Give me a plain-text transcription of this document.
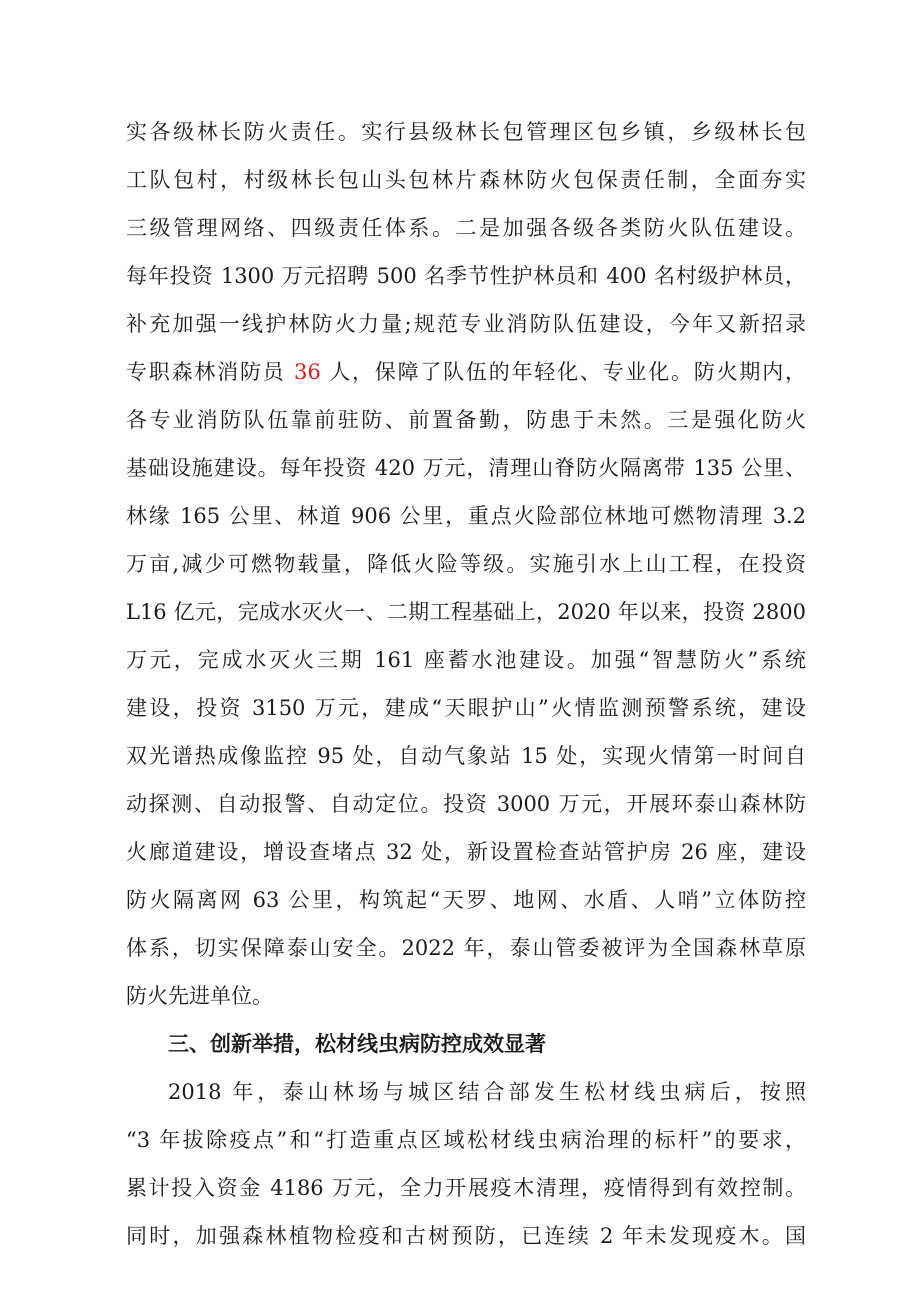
实各级林长防火责任。实行县级林长包管理区包乡镇，乡级林长包
工队包村，村级林长包山头包林片森林防火包保责任制，全面夯实
三级管理网络、四级责任体系。二是加强各级各类防火队伍建设。
每年投资 1300 万元招聘 500 名季节性护林员和 400 名村级护林员，
补充加强一线护林防火力量;规范专业消防队伍建设，今年又新招录
专职森林消防员 36 人，保障了队伍的年轻化、专业化。防火期内，
各专业消防队伍靠前驻防、前置备勤，防患于未然。三是强化防火
基础设施建设。每年投资 420 万元，清理山脊防火隔离带 135 公里、
林缘 165 公里、林道 906 公里，重点火险部位林地可燃物清理 3.2
万亩,减少可燃物载量，降低火险等级。实施引水上山工程，在投资
L16 亿元，完成水灭火一、二期工程基础上，2020 年以来，投资 2800
万元，完成水灭火三期 161 座蓄水池建设。加强“智慧防火”系统
建设，投资 3150 万元，建成“天眼护山”火情监测预警系统，建设
双光谱热成像监控 95 处，自动气象站 15 处，实现火情第一时间自
动探测、自动报警、自动定位。投资 3000 万元，开展环泰山森林防
火廊道建设，增设查堵点 32 处，新设置检查站管护房 26 座，建设
防火隔离网 63 公里，构筑起“天罗、地网、水盾、人哨”立体防控
体系，切实保障泰山安全。2022 年，泰山管委被评为全国森林草原
防火先进单位。
三、创新举措，松材线虫病防控成效显著
2018 年，泰山林场与城区结合部发生松材线虫病后，按照
“3 年拔除疫点”和“打造重点区域松材线虫病治理的标杆”的要求，
累计投入资金 4186 万元，全力开展疫木清理，疫情得到有效控制。
同时，加强森林植物检疫和古树预防，已连续 2 年未发现疫木。国
